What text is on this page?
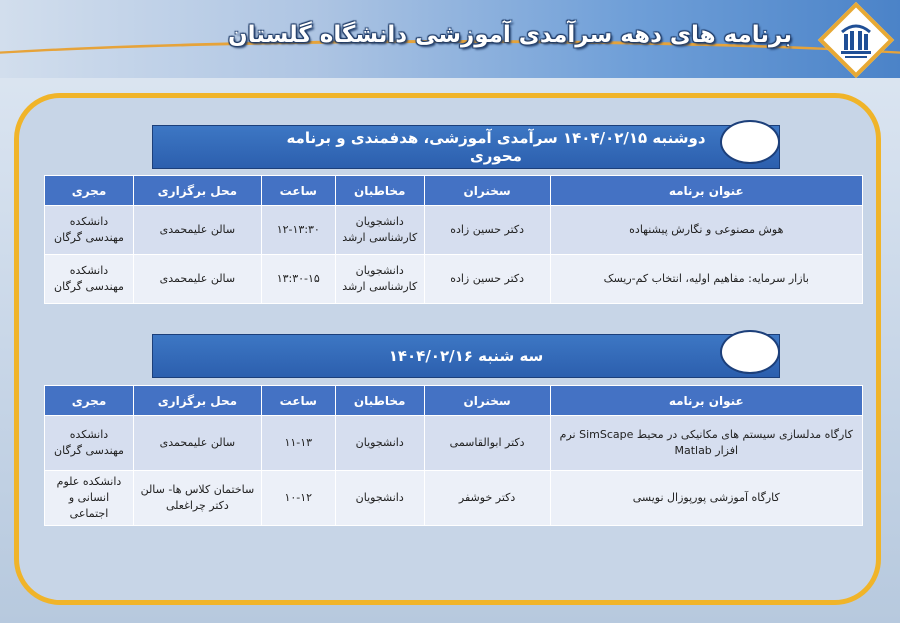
برنامه های دهه سرآمدی آموزشی دانشگاه گلستان
دوشنبه ۱۴۰۴/۰۲/۱۵ سرآمدی آموزشی، هدفمندی و برنامه محوری
عنوان برنامه	سخنران	مخاطبان	ساعت	محل برگزاری	مجری
هوش مصنوعی و نگارش پیشنهاده	دکتر حسین زاده	دانشجویان کارشناسی ارشد	۱۲-۱۳:۳۰	سالن علیمحمدی	دانشکده مهندسی گرگان
بازار سرمایه: مفاهیم اولیه، انتخاب کم-ریسک	دکتر حسین زاده	دانشجویان کارشناسی ارشد	۱۳:۳۰-۱۵	سالن علیمحمدی	دانشکده مهندسی گرگان
سه شنبه ۱۴۰۴/۰۲/۱۶
عنوان برنامه	سخنران	مخاطبان	ساعت	محل برگزاری	مجری
کارگاه مدلسازی سیستم های مکانیکی در محیط SimScape نرم افزار Matlab	دکتر ابوالقاسمی	دانشجویان	۱۱-۱۳	سالن علیمحمدی	دانشکده مهندسی گرگان
کارگاه آموزشی پورپوزال نویسی	دکتر خوشفر	دانشجویان	۱۰-۱۲	ساختمان کلاس ها- سالن دکتر چراغعلی	دانشکده علوم انسانی و اجتماعی
